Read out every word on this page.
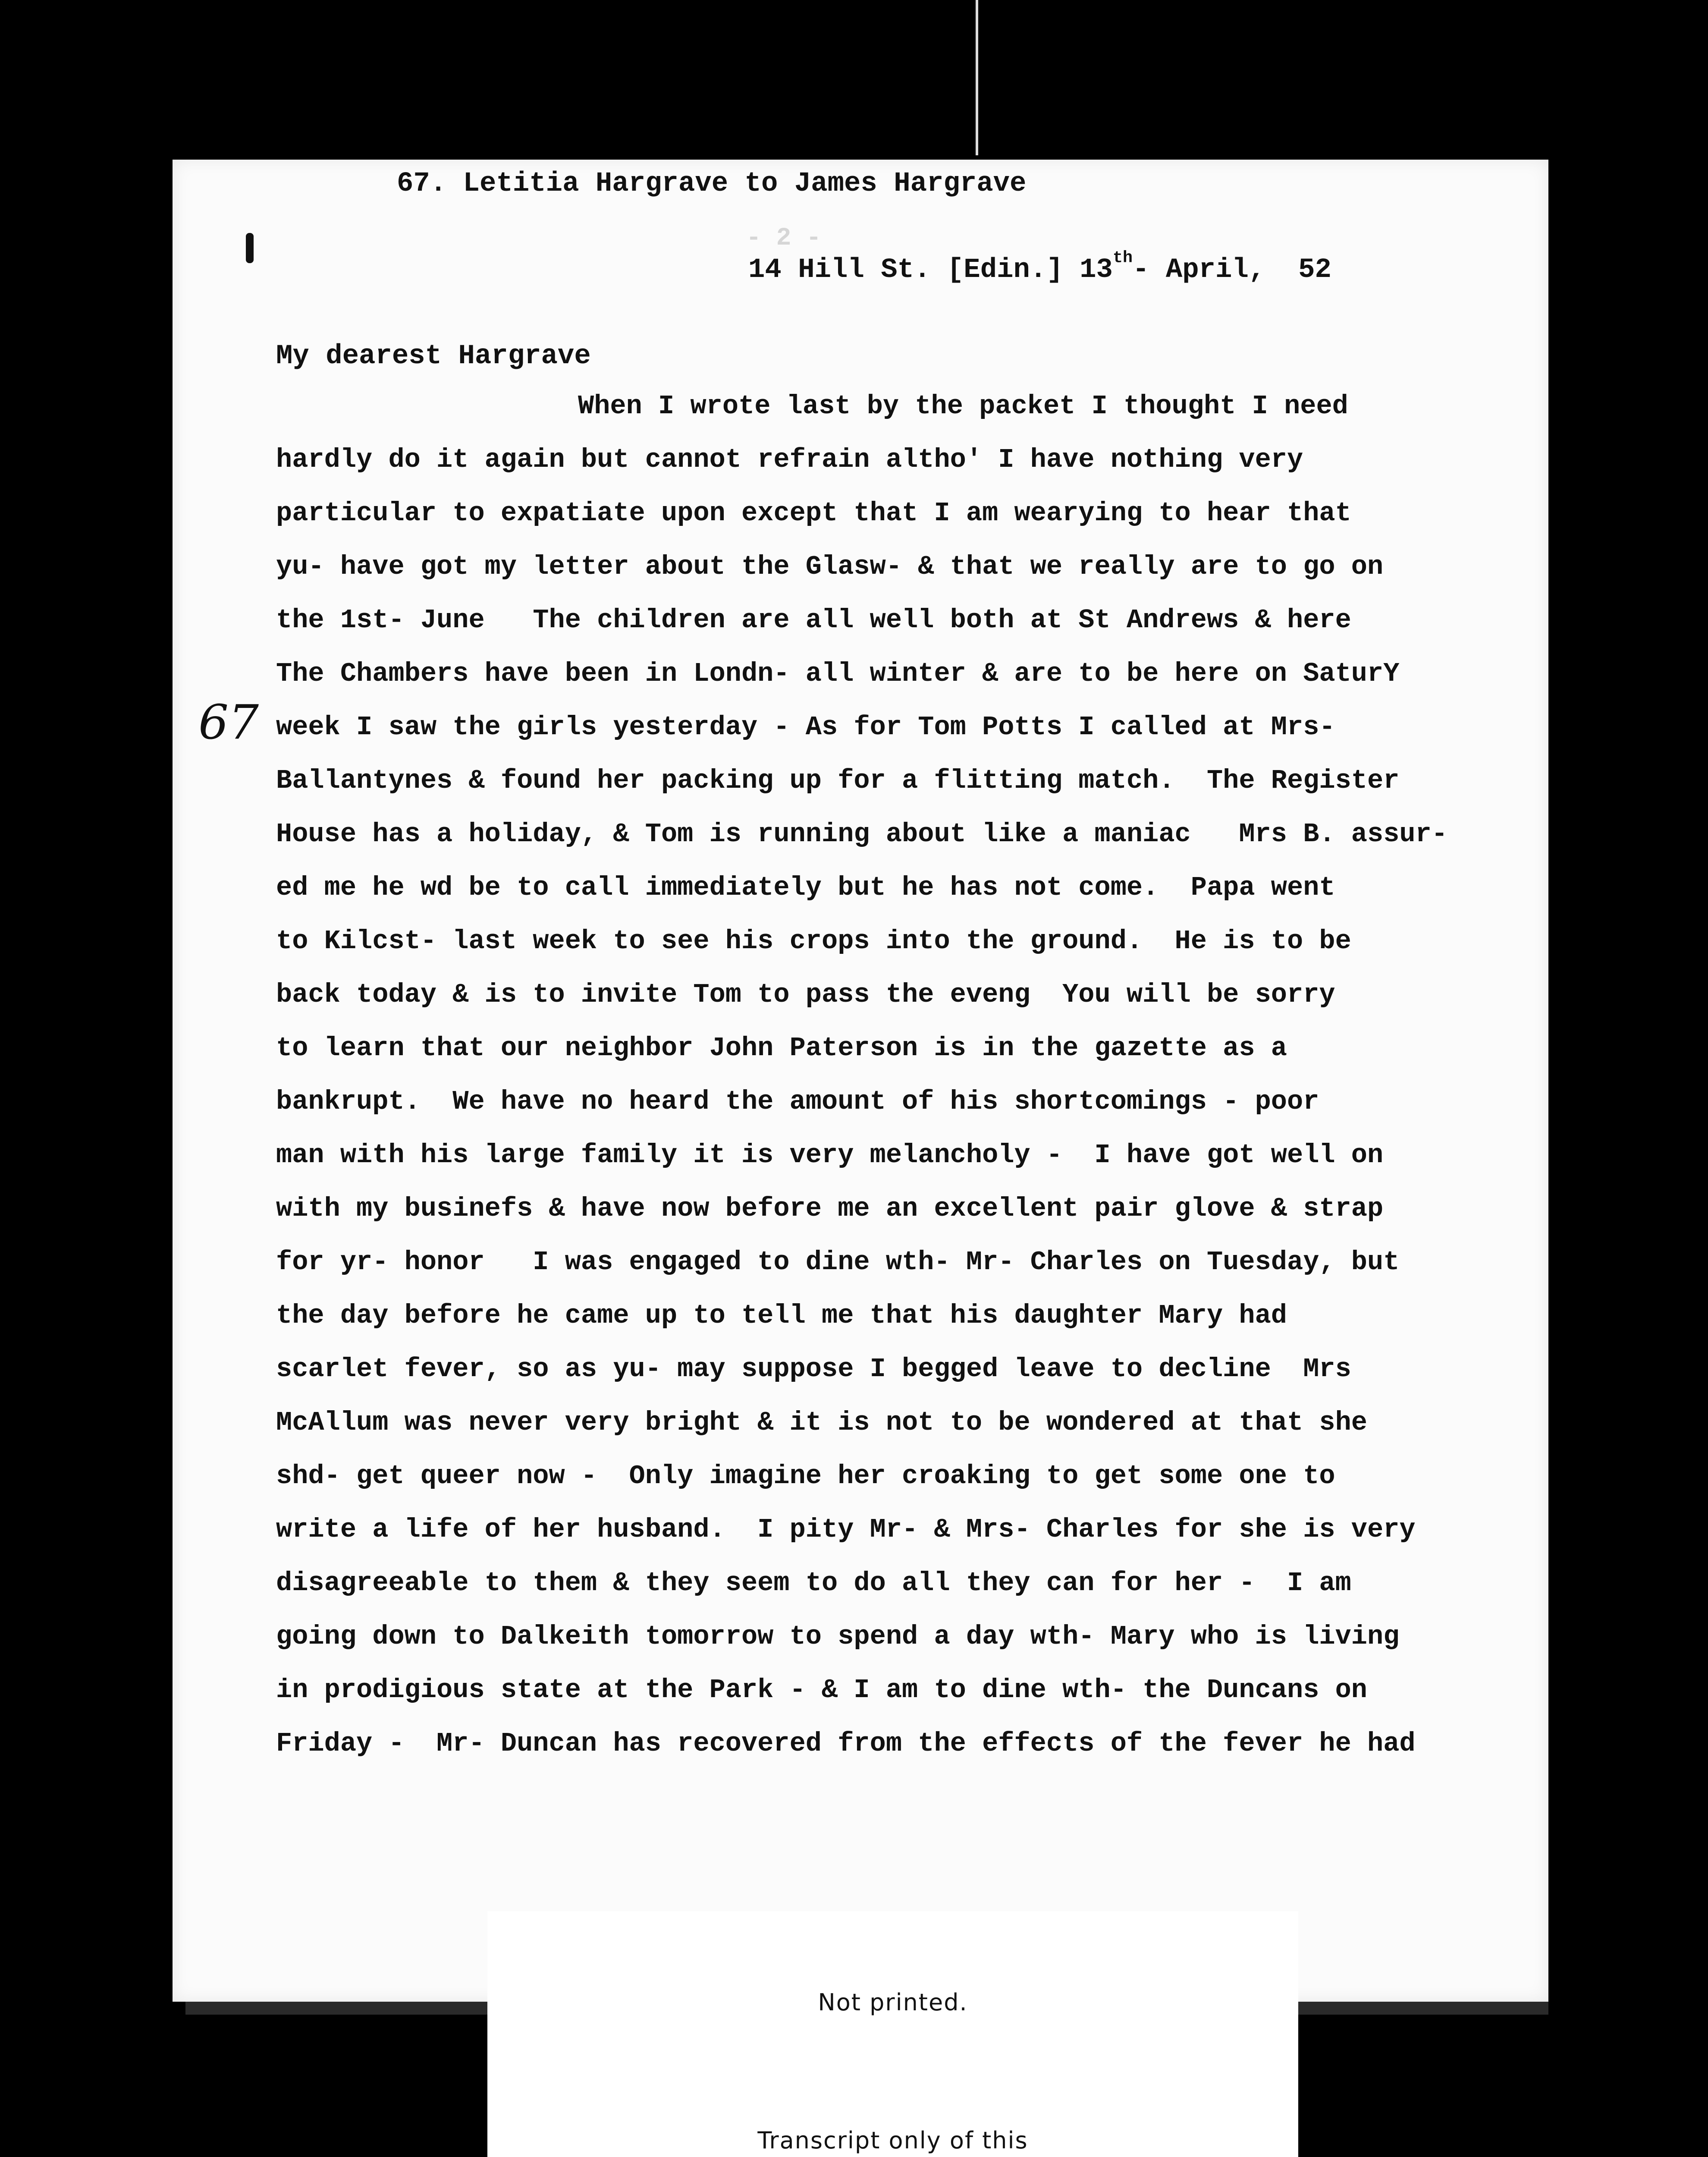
67. Letitia Hargrave to James Hargrave
- 2 -
14 Hill St. [Edin.] 13th- April,  52
My dearest Hargrave
When I wrote last by the packet I thought I need
hardly do it again but cannot refrain altho' I have nothing very
particular to expatiate upon except that I am wearying to hear that
yu- have got my letter about the Glasw- & that we really are to go on
the 1st- June   The children are all well both at St Andrews & here
The Chambers have been in Londn- all winter & are to be here on SaturY
week I saw the girls yesterday - As for Tom Potts I called at Mrs-
Ballantynes & found her packing up for a flitting match.  The Register
House has a holiday, & Tom is running about like a maniac   Mrs B. assur-
ed me he wd be to call immediately but he has not come.  Papa went
to Kilcst- last week to see his crops into the ground.  He is to be
back today & is to invite Tom to pass the eveng  You will be sorry
to learn that our neighbor John Paterson is in the gazette as a
bankrupt.  We have no heard the amount of his shortcomings - poor
man with his large family it is very melancholy -  I have got well on
with my businefs & have now before me an excellent pair glove & strap
for yr- honor   I was engaged to dine wth- Mr- Charles on Tuesday, but
the day before he came up to tell me that his daughter Mary had
scarlet fever, so as yu- may suppose I begged leave to decline  Mrs
McAllum was never very bright & it is not to be wondered at that she
shd- get queer now -  Only imagine her croaking to get some one to
write a life of her husband.  I pity Mr- & Mrs- Charles for she is very
disagreeable to them & they seem to do all they can for her -  I am
going down to Dalkeith tomorrow to spend a day wth- Mary who is living
in prodigious state at the Park - & I am to dine wth- the Duncans on
Friday -  Mr- Duncan has recovered from the effects of the fever he had
67
Not printed.
Transcript only of this
